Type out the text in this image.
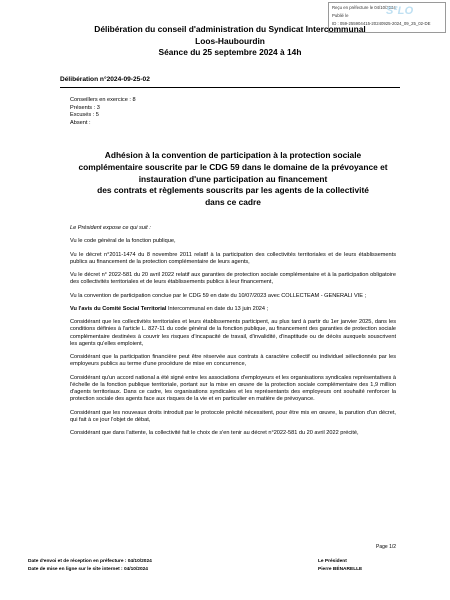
Reçu en préfecture le 04/10/2024
Publié le
ID : 059-255904415-20240925-2024_09_25_02-DE
S²LO
Délibération du conseil d'administration du Syndicat Intercommunal
Loos-Haubourdin
Séance du 25 septembre 2024 à 14h
Délibération n°2024-09-25-02
Conseillers en exercice : 8
Présents : 3
Excusés : 5
Absent :
Adhésion à la convention de participation à la protection sociale
complémentaire souscrite par le CDG 59 dans le domaine de la prévoyance et
instauration d'une participation au financement
des contrats et règlements souscrits par les agents de la collectivité
dans ce cadre

Le Président expose ce qui suit :

Vu le code général de la fonction publique,

Vu le décret n°2011-1474 du 8 novembre 2011 relatif à la participation des collectivités territoriales et de leurs établissements publics au financement de la protection complémentaire de leurs agents,

Vu le décret n° 2022-581 du 20 avril 2022 relatif aux garanties de protection sociale complémentaire et à la participation obligatoire des collectivités territoriales et de leurs établissements publics à leur financement,

Vu la convention de participation conclue par le CDG 59 en date du 10/07/2023 avec COLLECTEAM - GENERALI VIE ;

Vu l'avis du Comité Social Territorial Intercommunal en date du 13 juin 2024 ;

Considérant que les collectivités territoriales et leurs établissements participent, au plus tard à partir du 1er janvier 2025, dans les conditions définies à l'article L. 827-11 du code général de la fonction publique, au financement des garanties de protection sociale complémentaire destinées à couvrir les risques d'incapacité de travail, d'invalidité, d'inaptitude ou de décès auxquels souscrivent les agents qu'elles emploient,

Considérant que la participation financière peut être réservée aux contrats à caractère collectif ou individuel sélectionnés par les employeurs publics au terme d'une procédure de mise en concurrence,

Considérant qu'un accord national a été signé entre les associations d'employeurs et les organisations syndicales représentatives à l'échelle de la fonction publique territoriale, portant sur la mise en œuvre de la protection sociale complémentaire des 1,9 million d'agents territoriaux. Dans ce cadre, les organisations syndicales et les représentants des employeurs ont souhaité renforcer la protection sociale des agents face aux risques de la vie et en particulier en matière de prévoyance.

Considérant que les nouveaux droits introduit par le protocole précité nécessitent, pour être mis en œuvre, la parution d'un décret, qui fait à ce jour l'objet de débat,

Considérant que dans l'attente, la collectivité fait le choix de s'en tenir au décret n°2022-581 du 20 avril 2022 précité,

Page 1/2
Date d'envoi et de réception en préfecture : 04/10/2024
Date de mise en ligne sur le site internet : 04/10/2024
Le Président
Pierre BÉNARELLE
